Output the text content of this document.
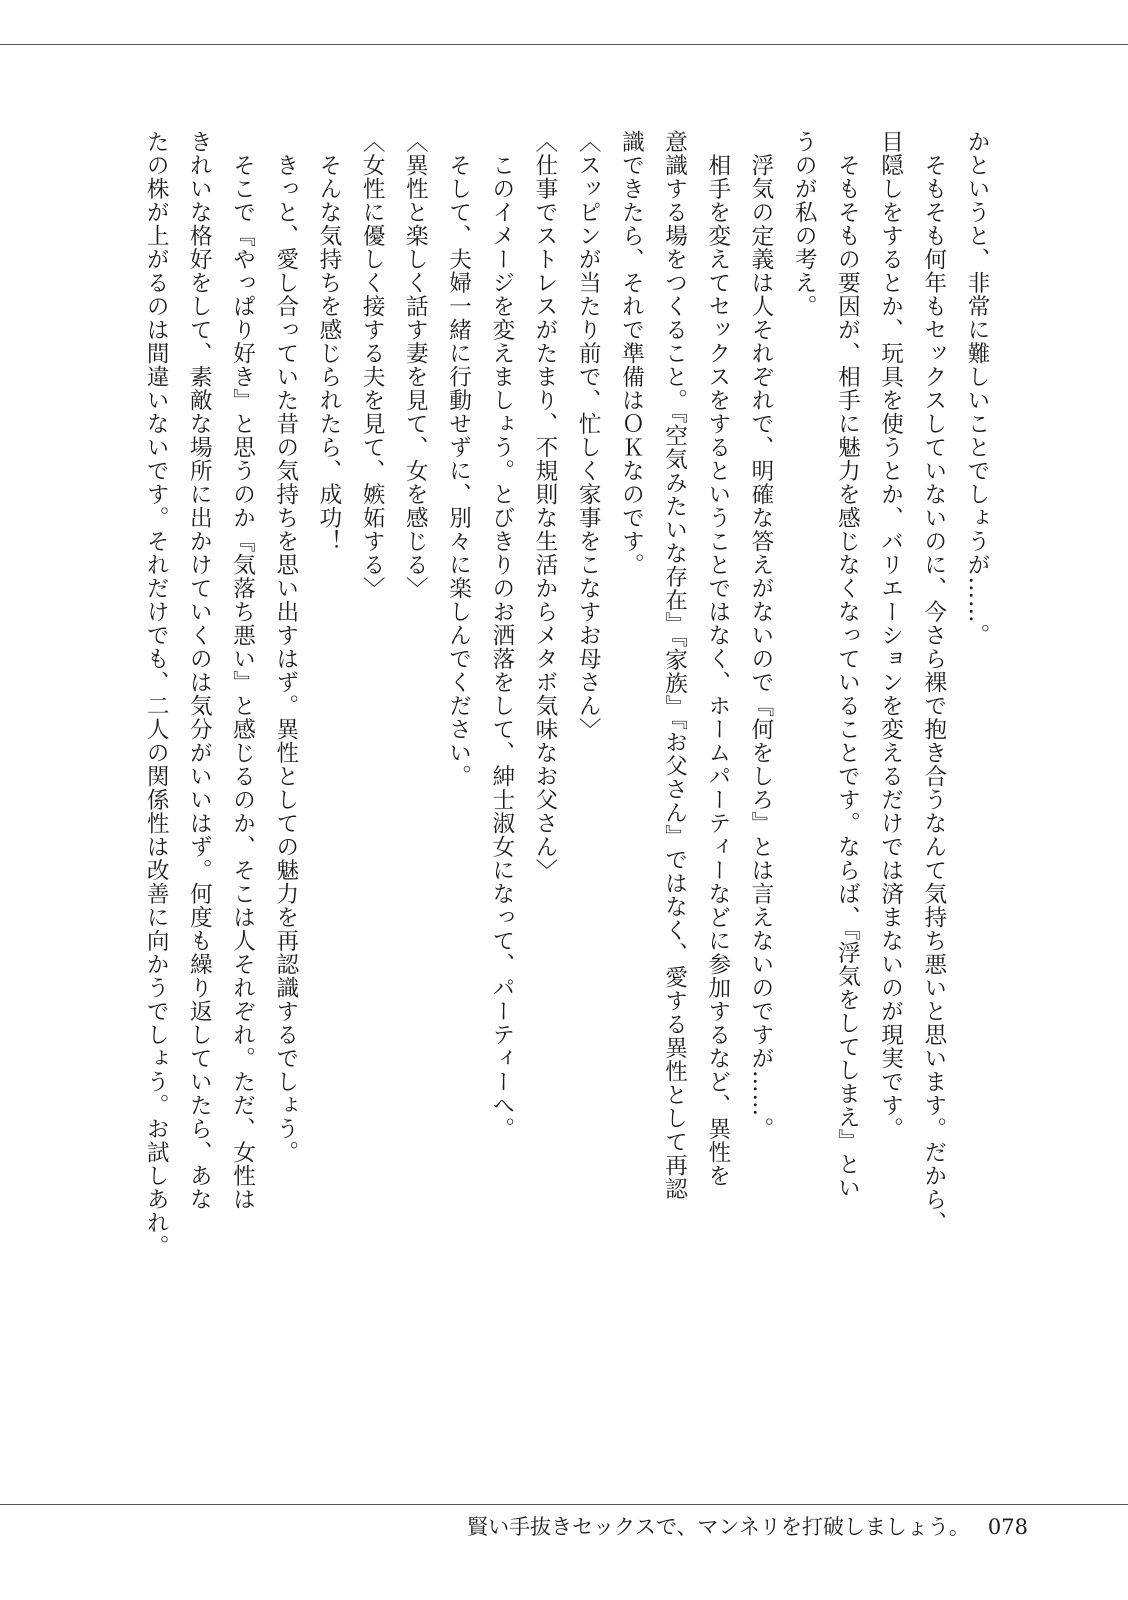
かというと、非常に難しいことでしょうが……。
　そもそも何年もセックスしていないのに、今さら裸で抱き合うなんて気持ち悪いと思います。だから、
目隠しをするとか、玩具を使うとか、バリエーションを変えるだけでは済まないのが現実です。
　そもそもの要因が、相手に魅力を感じなくなっていることです。ならば、『浮気をしてしまえ』とい
うのが私の考え。
　浮気の定義は人それぞれで、明確な答えがないので『何をしろ』とは言えないのですが……。
　相手を変えてセックスをするということではなく、ホームパーティーなどに参加するなど、異性を
意識する場をつくること。『空気みたいな存在』『家族』『お父さん』ではなく、愛する異性として再認
識できたら、それで準備はＯＫなのです。
〈スッピンが当たり前で、忙しく家事をこなすお母さん〉
〈仕事でストレスがたまり、不規則な生活からメタボ気味なお父さん〉
　このイメージを変えましょう。とびきりのお洒落をして、紳士淑女になって、パーティーへ。
　そして、夫婦一緒に行動せずに、別々に楽しんでください。
〈異性と楽しく話す妻を見て、女を感じる〉
〈女性に優しく接する夫を見て、嫉妬する〉
　そんな気持ちを感じられたら、成功！
　きっと、愛し合っていた昔の気持ちを思い出すはず。異性としての魅力を再認識するでしょう。
　そこで『やっぱり好き』と思うのか『気落ち悪い』と感じるのか、そこは人それぞれ。ただ、女性は
きれいな格好をして、素敵な場所に出かけていくのは気分がいいはず。何度も繰り返していたら、あな
たの株が上がるのは間違いないです。それだけでも、二人の関係性は改善に向かうでしょう。お試しあれ。
賢い手抜きセックスで、マンネリを打破しましょう。 078
